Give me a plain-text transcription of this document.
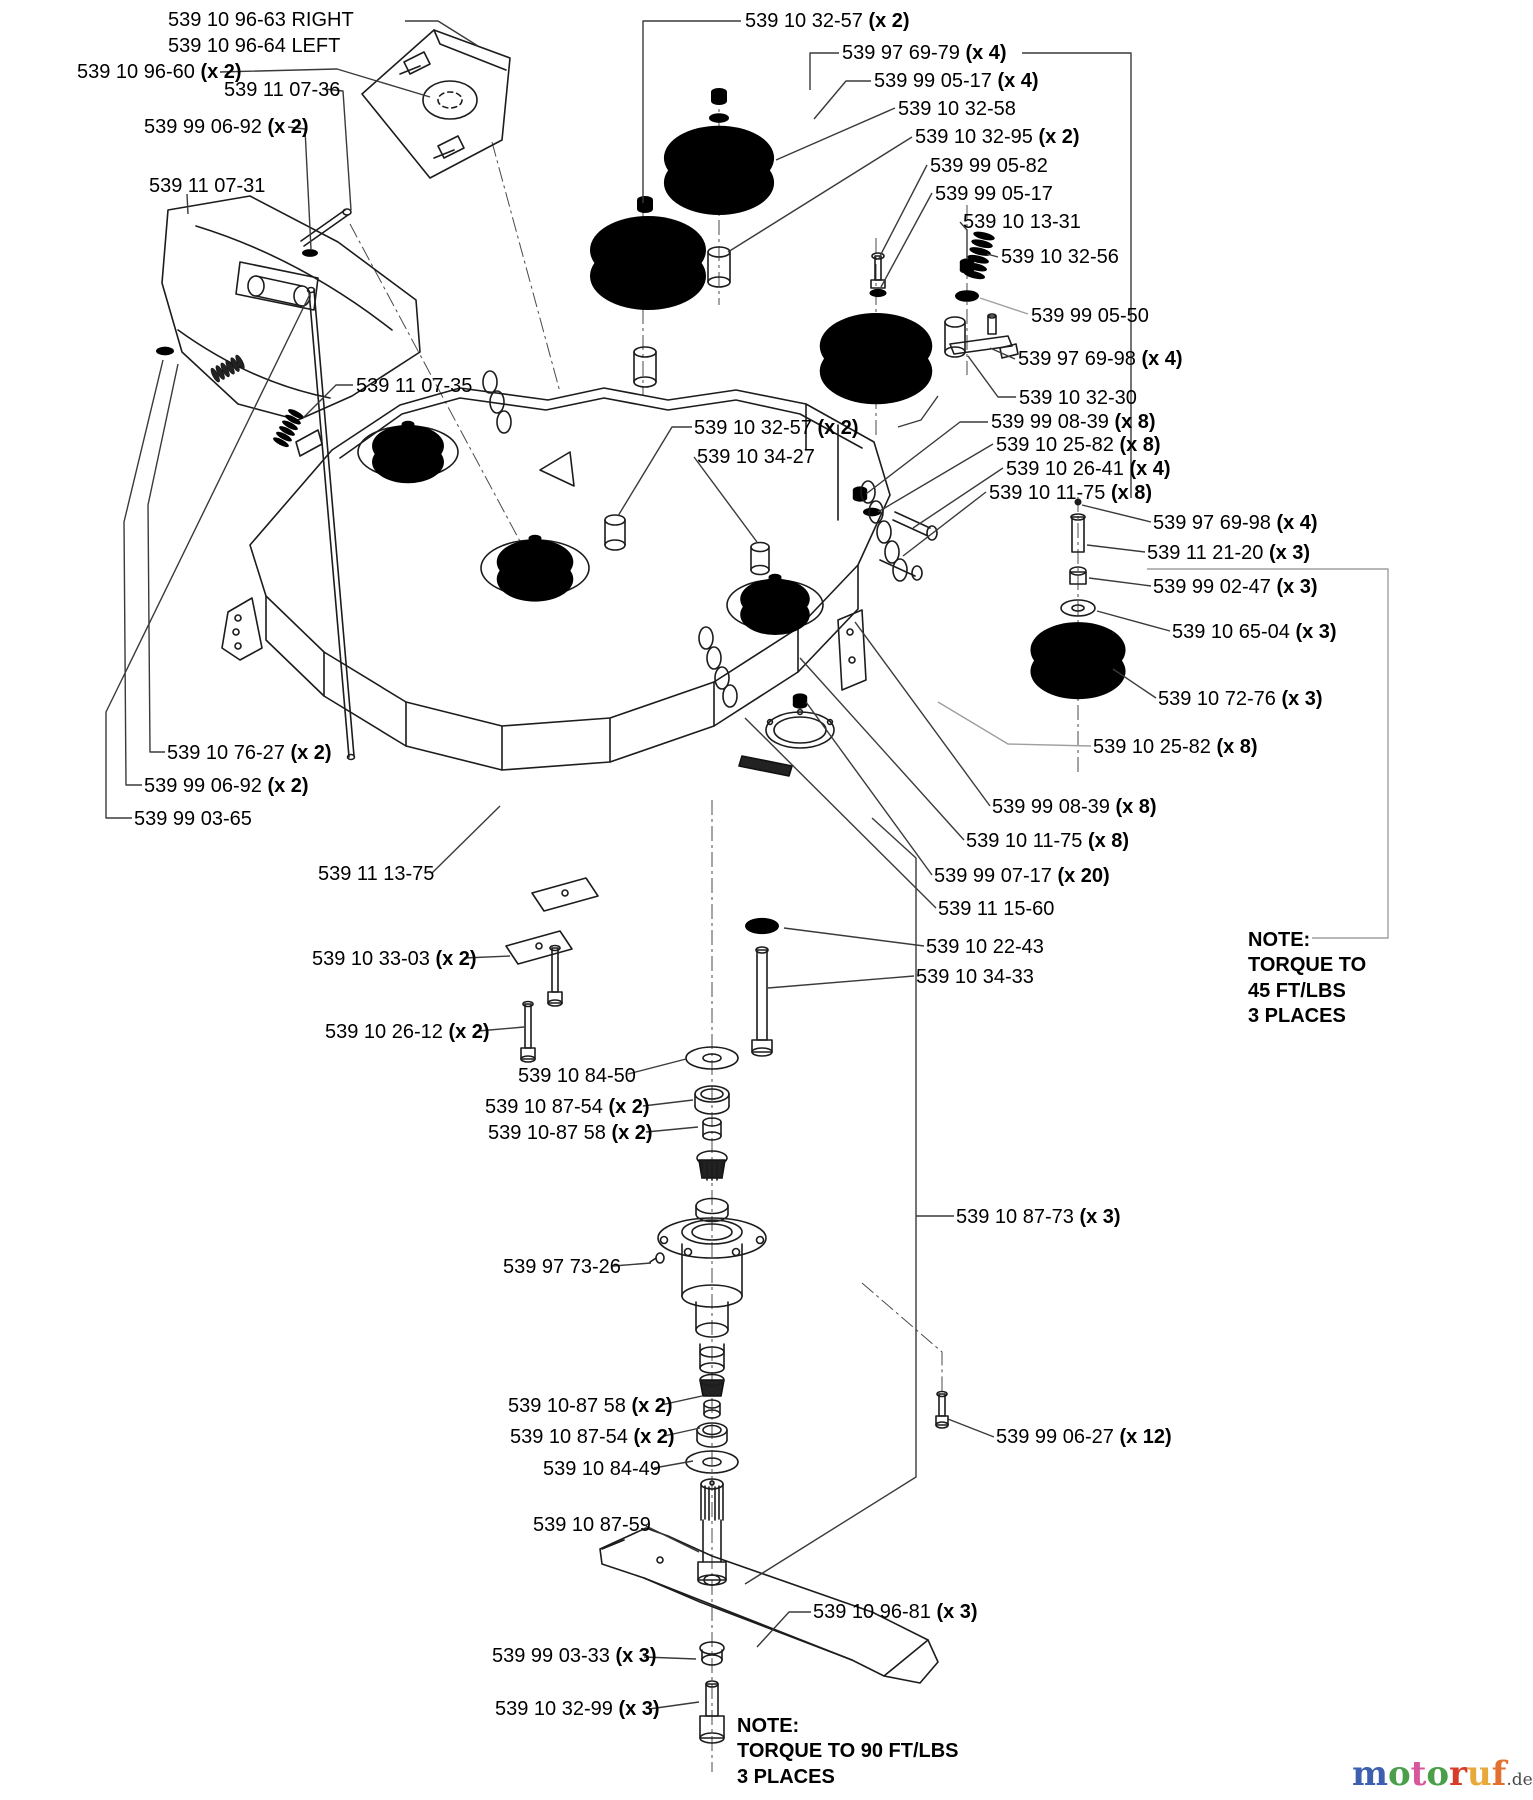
539 10 96-63 RIGHT
539 10 96-64 LEFT
539 10 96-60 (x 2)
539 11 07-36
539 99 06-92 (x 2)
539 11 07-31
539 11 07-35
539 10 32-57 (x 2)
539 97 69-79 (x 4)
539 99 05-17 (x 4)
539 10 32-58
539 10 32-95 (x 2)
539 99 05-82
539 99 05-17
539 10 13-31
539 10 32-56
539 99 05-50
539 97 69-98 (x 4)
539 10 32-30
539 99 08-39 (x 8)
539 10 25-82 (x 8)
539 10 26-41 (x 4)
539 10 11-75 (x 8)
539 97 69-98 (x 4)
539 11 21-20 (x 3)
539 99 02-47 (x 3)
539 10 65-04 (x 3)
539 10 72-76 (x 3)
539 10 25-82 (x 8)
539 99 08-39 (x 8)
539 10 11-75 (x 8)
539 99 07-17 (x 20)
539 11 15-60
539 10 22-43
539 10 34-33
539 10 32-57 (x 2)
539 10 34-27
539 10 76-27 (x 2)
539 99 06-92 (x 2)
539 99 03-65
539 11 13-75
539 10 33-03 (x 2)
539 10 26-12 (x 2)
539 10 84-50
539 10 87-54 (x 2)
539 10-87 58 (x 2)
539 10 87-73 (x 3)
539 97 73-26
539 10-87 58 (x 2)
539 10 87-54 (x 2)
539 10 84-49
539 10 87-59
539 99 06-27 (x 12)
539 10 96-81 (x 3)
539 99 03-33 (x 3)
539 10 32-99 (x 3)
NOTE:
TORQUE TO
45 FT/LBS
3 PLACES
NOTE:
TORQUE TO 90 FT/LBS
3 PLACES	motoruf.de
